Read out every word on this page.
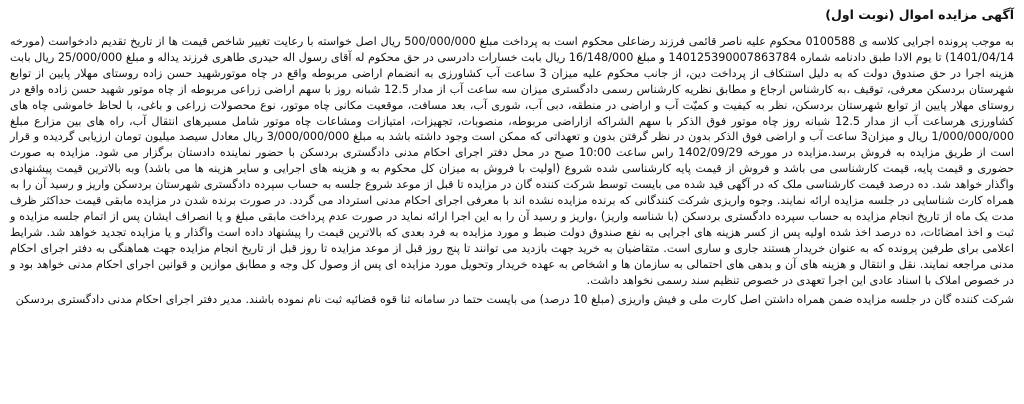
آگهی مزایده اموال (نوبت اول)

به موجب پرونده اجرایی کلاسه ی 0100588 محکوم علیه ناصر قائمی فرزند رضاعلی محکوم است به پرداخت مبلغ 500/000/000 ریال اصل خواسته با رعایت تغییر شاخص قیمت ها از تاریخ تقدیم دادخواست (مورخه 1401/04/14) تا یوم الادا طبق دادنامه شماره 140125390007863784 و مبلغ 16/148/000 ریال بابت خسارات دادرسی در حق محکوم له آقای رسول اله حیدری طاهری فرزند یداله و مبلغ 25/000/000 ریال بابت هزینه اجرا در حق صندوق دولت که به دلیل استنکاف از پرداخت دین، از جانب محکوم علیه میزان 3 ساعت آب کشاورزی به انضمام اراضی مربوطه واقع در چاه موتورشهید حسن زاده روستای مهلار پایین از توابع شهرستان بردسکن معرفی، توقیف ،به کارشناس ارجاع و مطابق نظریه کارشناس رسمی دادگستری میزان سه ساعت آب از مدار 12.5 شبانه روز با سهم اراضی زراعی مربوطه از چاه موتور شهید حسن زاده واقع در روستای مهلار پایین از توابع شهرستان بردسکن، نظر به کیفیت و کمیّت آب و اراضی در منطقه، دبی آب، شوری آب، بعد مسافت، موقعیت مکانی چاه موتور، نوع محصولات زراعی و باغی، با لحاظ خاموشی چاه های کشاورزی هرساعت آب از مدار 12.5 شبانه روز چاه موتور فوق الذکر با سهم الشراکه ازاراضی مربوطه، منصوبات، تجهیزات، امتیازات ومشاعات چاه موتور شامل مسیرهای انتقال آب، راه های بین مزارع مبلغ 1/000/000/000 ریال و میزان3 ساعت آب و اراضی فوق الذکر بدون در نظر گرفتن بدون و تعهداتی که ممکن است وجود داشته باشد به مبلغ 3/000/000/000 ریال معادل سیصد میلیون تومان ارزیابی گردیده و قرار است از طریق مزایده به فروش برسد.مزایده در مورخه 1402/09/29 راس ساعت 10:00 صبح در محل دفتر اجرای احکام مدنی دادگستری بردسکن با حضور نماینده دادستان برگزار می شود. مزایده به صورت حضوری و قیمت پایه، قیمت کارشناسی می باشد و فروش از قیمت پایه کارشناسی شده شروع (اولیت با فروش به میزان کل محکوم به و هزینه های اجرایی و سایر هزینه ها می باشد) وبه بالاترین قیمت پیشنهادی واگذار خواهد شد. ده درصد قیمت کارشناسی ملک که در آگهی قید شده می بایست توسط شرکت کننده گان در مزایده تا قبل از موعد شروع جلسه به حساب سپرده دادگستری شهرستان بردسکن واریز و رسید آن را به همراه کارت شناسایی در جلسه مزایده ارائه نمایند. وجوه واریزی شرکت کنندگانی که برنده مزایده نشده اند با معرفی اجرای احکام مدنی استرداد می گردد. در صورت برنده شدن در مزایده مابقی قیمت حداکثر ظرف مدت یک ماه از تاریخ انجام مزایده به حساب سپرده دادگستری بردسکن (با شناسه واریز) ،واریز و رسید آن را به این اجرا ارائه نماید در صورت عدم پرداخت مابقی مبلغ و یا انصراف ایشان پس از اتمام جلسه مزایده و ثبت و اخذ امضائات، ده درصد اخذ شده اولیه پس از کسر هزینه های اجرایی به نفع صندوق دولت ضبط و مورد مزایده به فرد بعدی که بالاترین قیمت را پیشنهاد داده است واگذار و یا مزایده تجدید خواهد شد. شرایط اعلامی برای طرفین پرونده که به عنوان خریدار هستند جاری و ساری است. متقاضیان به خرید جهت بازدید می توانند تا پنج روز قبل از موعد مزایده تا روز قبل از تاریخ انجام مزایده جهت هماهنگی به دفتر اجرای احکام مدنی مراجعه نمایند. نقل و انتقال و هزینه های آن و بدهی های احتمالی به سازمان ها و اشخاص به عهده خریدار وتحویل مورد مزایده ای پس از وصول کل وجه و مطابق موازین و قوانین اجرای احکام مدنی خواهد بود و در خصوص املاک با اسناد عادی این اجرا تعهدی در خصوص تنظیم سند رسمی نخواهد داشت.

شرکت کننده گان در جلسه مزایده ضمن همراه داشتن اصل کارت ملی و فیش واریزی (مبلغ 10 درصد) می بایست حتما در سامانه ثنا قوه قضائیه ثبت نام نموده باشند. مدیر دفتر اجرای احکام مدنی دادگستری بردسکن
